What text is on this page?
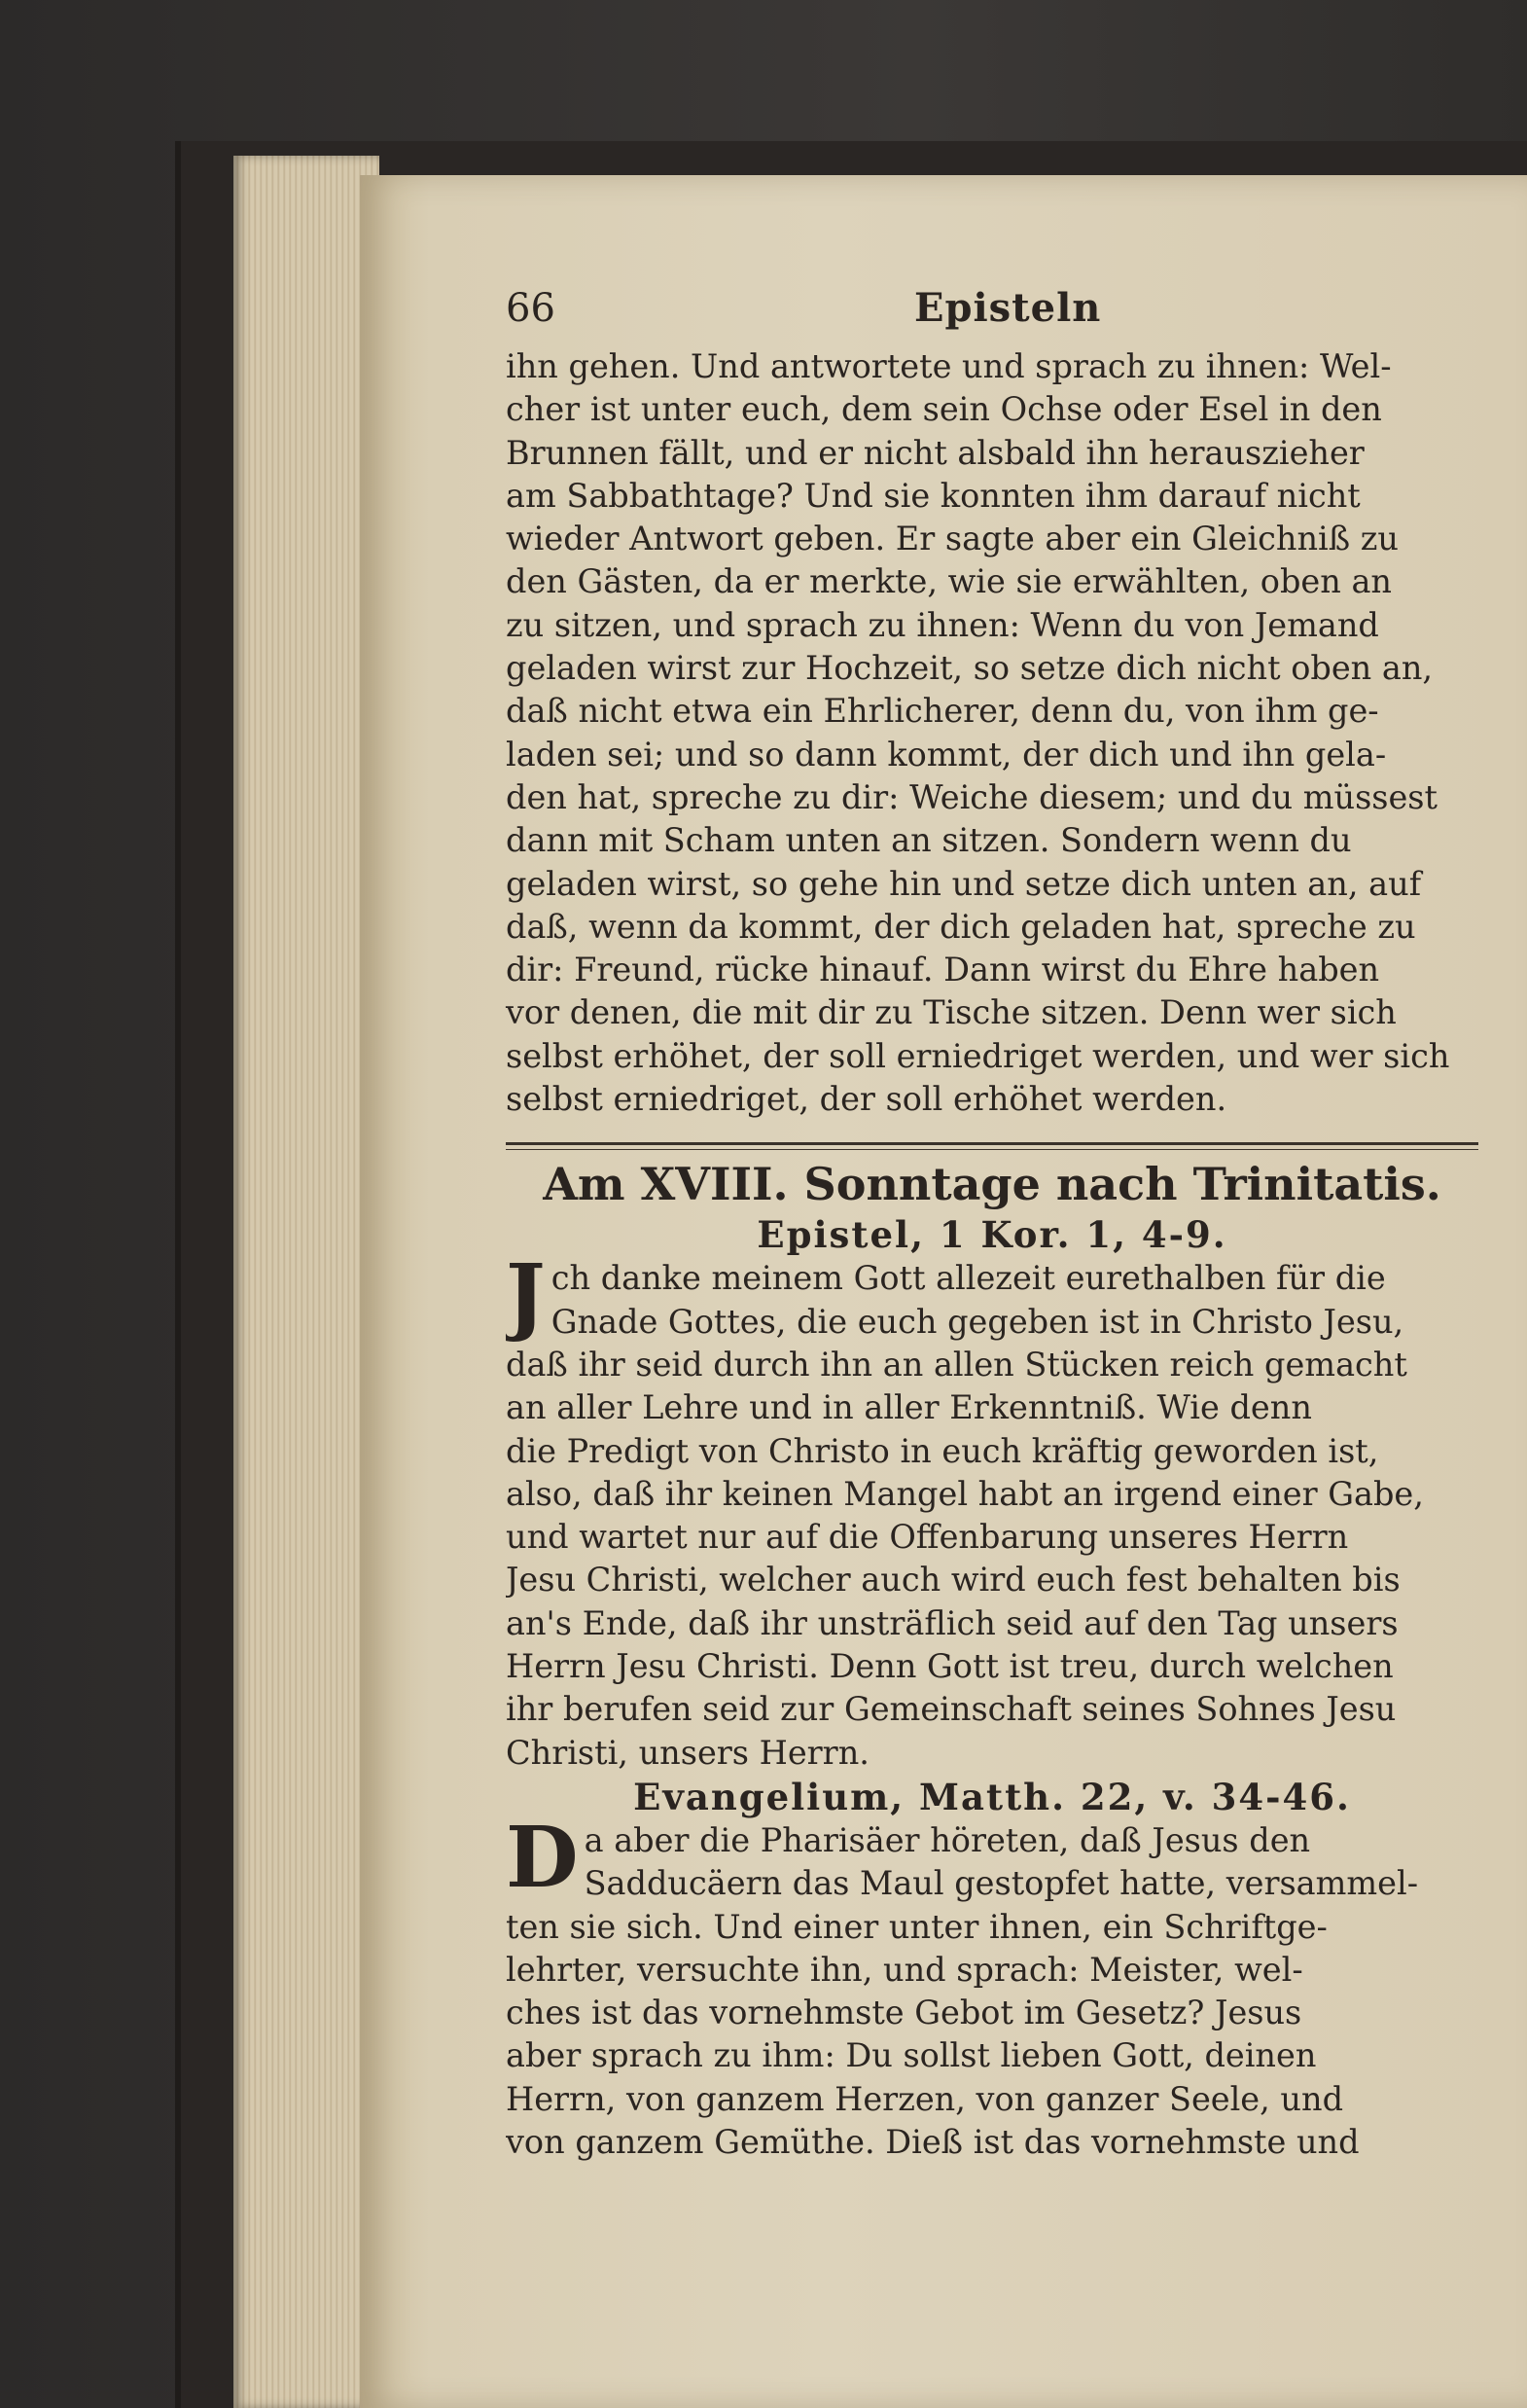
66	Episteln
ihn gehen. Und antwortete und sprach zu ihnen: Wel-
cher ist unter euch, dem sein Ochse oder Esel in den
Brunnen fällt, und er nicht alsbald ihn herauszieher
am Sabbathtage? Und sie konnten ihm darauf nicht
wieder Antwort geben. Er sagte aber ein Gleichniß zu
den Gästen, da er merkte, wie sie erwählten, oben an
zu sitzen, und sprach zu ihnen: Wenn du von Jemand
geladen wirst zur Hochzeit, so setze dich nicht oben an,
daß nicht etwa ein Ehrlicherer, denn du, von ihm ge-
laden sei; und so dann kommt, der dich und ihn gela-
den hat, spreche zu dir: Weiche diesem; und du müssest
dann mit Scham unten an sitzen. Sondern wenn du
geladen wirst, so gehe hin und setze dich unten an, auf
daß, wenn da kommt, der dich geladen hat, spreche zu
dir: Freund, rücke hinauf. Dann wirst du Ehre haben
vor denen, die mit dir zu Tische sitzen. Denn wer sich
selbst erhöhet, der soll erniedriget werden, und wer sich
selbst erniedriget, der soll erhöhet werden.
Am XVIII. Sonntage nach Trinitatis.
Epistel, 1 Kor. 1, 4-9.
J ch danke meinem Gott allezeit eurethalben für die
Gnade Gottes, die euch gegeben ist in Christo Jesu,
daß ihr seid durch ihn an allen Stücken reich gemacht
an aller Lehre und in aller Erkenntniß. Wie denn
die Predigt von Christo in euch kräftig geworden ist,
also, daß ihr keinen Mangel habt an irgend einer Gabe,
und wartet nur auf die Offenbarung unseres Herrn
Jesu Christi, welcher auch wird euch fest behalten bis
an's Ende, daß ihr unsträflich seid auf den Tag unsers
Herrn Jesu Christi. Denn Gott ist treu, durch welchen
ihr berufen seid zur Gemeinschaft seines Sohnes Jesu
Christi, unsers Herrn.
Evangelium, Matth. 22, v. 34-46.
D a aber die Pharisäer höreten, daß Jesus den
Sadducäern das Maul gestopfet hatte, versammel-
ten sie sich. Und einer unter ihnen, ein Schriftge-
lehrter, versuchte ihn, und sprach: Meister, wel-
ches ist das vornehmste Gebot im Gesetz? Jesus
aber sprach zu ihm: Du sollst lieben Gott, deinen
Herrn, von ganzem Herzen, von ganzer Seele, und
von ganzem Gemüthe. Dieß ist das vornehmste und
